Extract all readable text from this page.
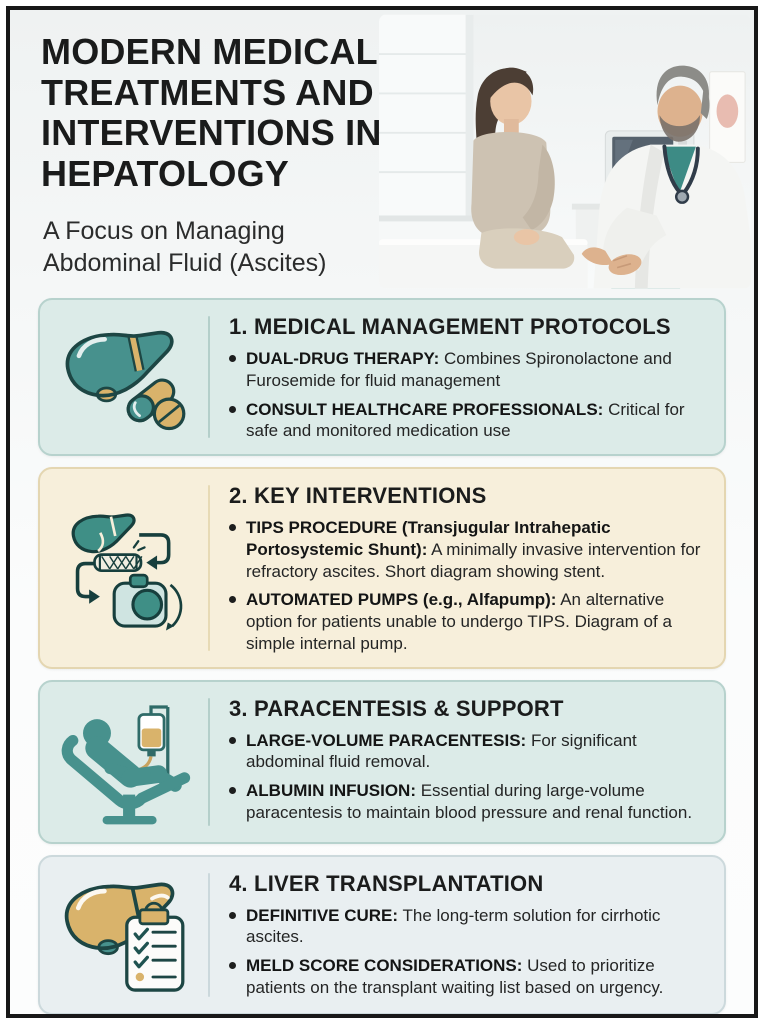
MODERN MEDICAL TREATMENTS AND INTERVENTIONS IN HEPATOLOGY
A Focus on Managing Abdominal Fluid (Ascites)
1. MEDICAL MANAGEMENT PROTOCOLS
DUAL-DRUG THERAPY: Combines Spironolactone and Furosemide for fluid management
CONSULT HEALTHCARE PROFESSIONALS: Critical for safe and monitored medication use
2. KEY INTERVENTIONS
TIPS PROCEDURE (Transjugular Intrahepatic Portosystemic Shunt): A minimally invasive intervention for refractory ascites. Short diagram showing stent.
AUTOMATED PUMPS (e.g., Alfapump): An alternative option for patients unable to undergo TIPS. Diagram of a simple internal pump.
3. PARACENTESIS & SUPPORT
LARGE-VOLUME PARACENTESIS: For significant abdominal fluid removal.
ALBUMIN INFUSION: Essential during large-volume paracentesis to maintain blood pressure and renal function.
4. LIVER TRANSPLANTATION
DEFINITIVE CURE: The long-term solution for cirrhotic ascites.
MELD SCORE CONSIDERATIONS: Used to prioritize patients on the transplant waiting list based on urgency.
